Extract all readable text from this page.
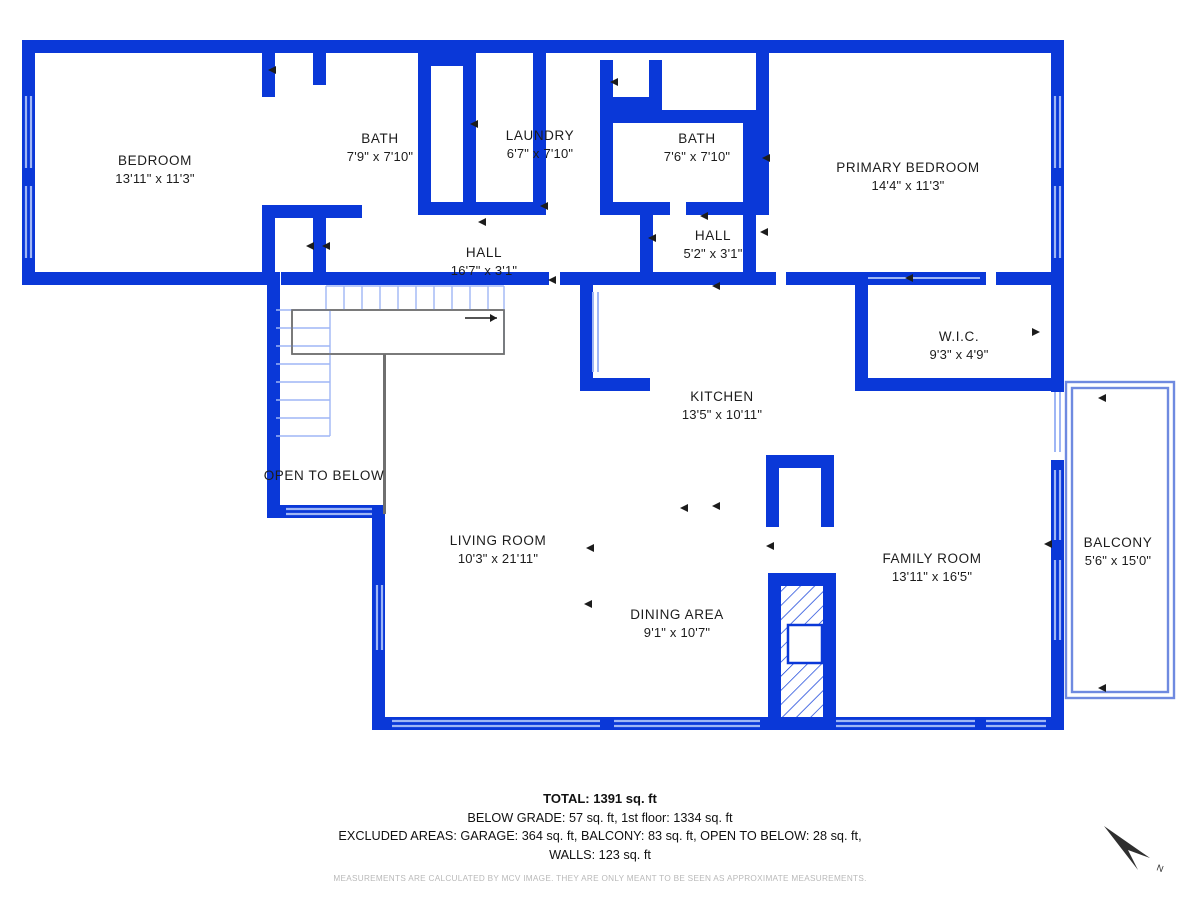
BEDROOM
13'11" x 11'3"
BATH
7'9" x 7'10"
LAUNDRY
6'7" x 7'10"
BATH
7'6" x 7'10"
PRIMARY BEDROOM
14'4" x 11'3"
HALL
16'7" x 3'1"
HALL
5'2" x 3'1"
W.I.C.
9'3" x 4'9"
KITCHEN
13'5" x 10'11"
LIVING ROOM
10'3" x 21'11"	FAMILY ROOM
13'11" x 16'5"
DINING AREA
9'1" x 10'7"
BALCONY
5'6" x 15'0"
OPEN TO BELOW
TOTAL: 1391 sq. ft
BELOW GRADE: 57 sq. ft, 1st floor: 1334 sq. ft
EXCLUDED AREAS: GARAGE: 364 sq. ft, BALCONY: 83 sq. ft, OPEN TO BELOW: 28 sq. ft,
WALLS: 123 sq. ft
MEASUREMENTS ARE CALCULATED BY MCV IMAGE. THEY ARE ONLY MEANT TO BE SEEN AS APPROXIMATE MEASUREMENTS.
N
